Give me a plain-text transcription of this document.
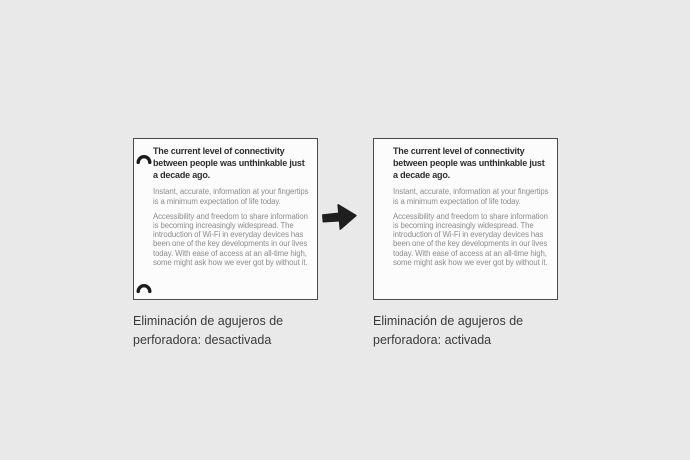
The current level of connectivity between people was unthinkable just a decade ago.

Instant, accurate, information at your fingertips is a minimum expectation of life today.

Accessibility and freedom to share information is becoming increasingly widespread. The introduction of Wi-Fi in everyday devices has been one of the key developments in our lives today. With ease of access at an all-time high, some might ask how we ever got by without it.

Eliminación de agujeros de perforadora: desactivada
The current level of connectivity between people was unthinkable just a decade ago.

Instant, accurate, information at your fingertips is a minimum expectation of life today.

Accessibility and freedom to share information is becoming increasingly widespread. The introduction of Wi-Fi in everyday devices has been one of the key developments in our lives today. With ease of access at an all-time high, some might ask how we ever got by without it.

Eliminación de agujeros de perforadora: activada
